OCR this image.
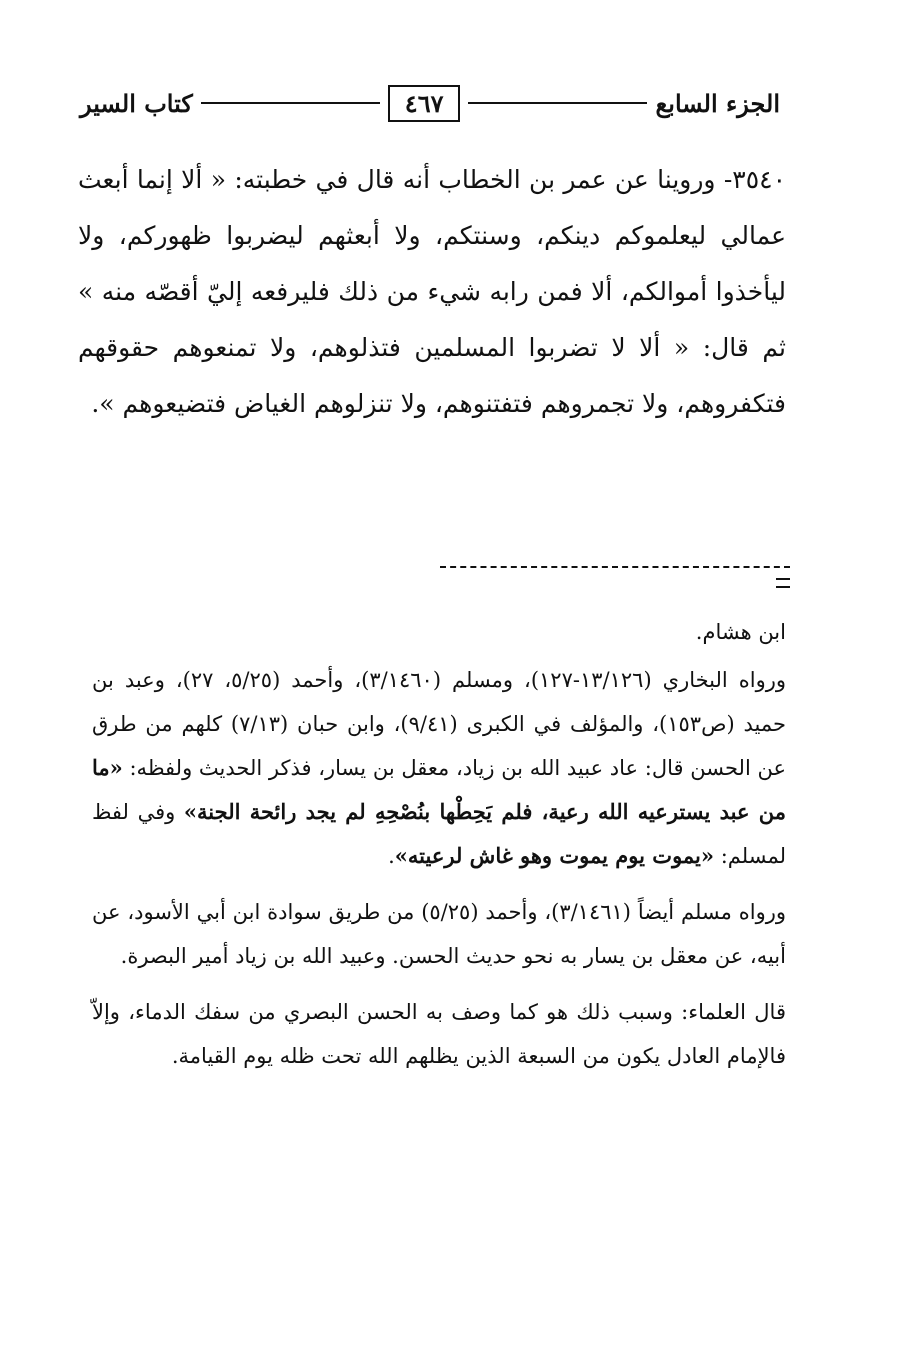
الجزء السابع
٤٦٧
كتاب السير

٣٥٤٠- وروينا عن عمر بن الخطاب أنه قال في خطبته: « ألا إنما أبعث عمالي ليعلموكم دينكم، وسنتكم، ولا أبعثهم ليضربوا ظهوركم، ولا ليأخذوا أموالكم، ألا فمن رابه شيء من ذلك فليرفعه إليّ أقصّه منه » ثم قال: « ألا لا تضربوا المسلمين فتذلوهم، ولا تمنعوهم حقوقهم فتكفروهم، ولا تجمروهم فتفتنوهم، ولا تنزلوهم الغياض فتضيعوهم ».

ابن هشام.

ورواه البخاري (١٣/١٢٦-١٢٧)، ومسلم (٣/١٤٦٠)، وأحمد (٥/٢٥، ٢٧)، وعبد بن حميد (ص١٥٣)، والمؤلف في الكبرى (٩/٤١)، وابن حبان (٧/١٣) كلهم من طرق عن الحسن قال: عاد عبيد الله بن زياد، معقل بن يسار، فذكر الحديث ولفظه: «ما من عبد يسترعيه الله رعية، فلم يَحِطْها بنُصْحِهِ لم يجد رائحة الجنة» وفي لفظ لمسلم: «يموت يوم يموت وهو غاش لرعيته».

ورواه مسلم أيضاً (٣/١٤٦١)، وأحمد (٥/٢٥) من طريق سوادة ابن أبي الأسود، عن أبيه، عن معقل بن يسار به نحو حديث الحسن. وعبيد الله بن زياد أمير البصرة.

قال العلماء: وسبب ذلك هو كما وصف به الحسن البصري من سفك الدماء، وإلاّ فالإمام العادل يكون من السبعة الذين يظلهم الله تحت ظله يوم القيامة.
